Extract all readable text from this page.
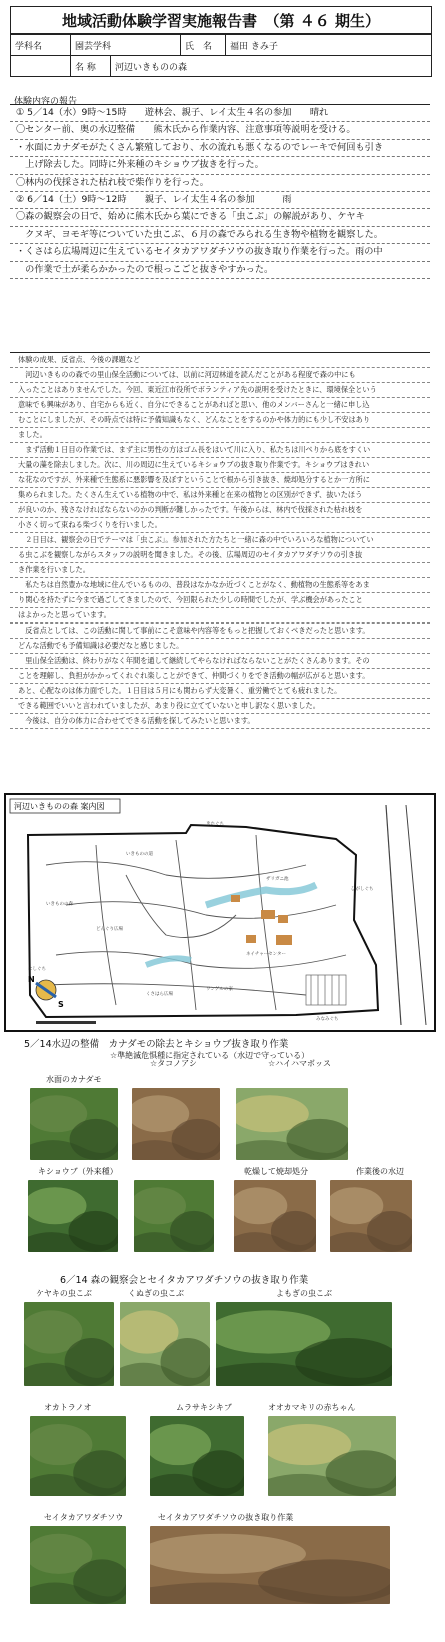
地域活動体験学習実施報告書　（第 ４６ 期生）
学科名	園芸学科	氏　名	福田 きみ子
名 称	河辺いきものの森
体験内容の報告
① 5／14（水）9時～15時　　遊林会、親子、レイ太生４名の参加　　晴れ
〇センター前、奥の水辺整備　　熊木氏から作業内容、注意事項等説明を受ける。
・水面にカナダモがたくさん繁殖しており、水の流れも悪くなるのでレーキで何回も引き
　上げ除去した。同時に外来種のキショウブ抜きを行った。
〇林内の伐採された枯れ枝で柴作りを行った。
② 6／14（土）9時～12時　　親子、レイ太生４名の参加　　　雨
〇森の観察会の日で、始めに熊木氏から葉にできる「虫こぶ」の解説があり、ケヤキ
　クヌギ、ヨモギ等についていた虫こぶ、６月の森でみられる生き物や植物を観察した。
・くさはら広場周辺に生えているセイタカアワダチソウの抜き取り作業を行った。雨の中
　の作業で土が柔らかかったので根っこごと抜きやすかった。
体験の成果、反省点、今後の課題など
　河辺いきものの森での里山保全活動については、以前に河辺林道を読んだことがある程度で森の中にも
入ったことはありませんでした。今回、東近江市役所でボランティア先の説明を受けたときに、環境保全という
意味でも興味があり、自宅からも近く、自分にできることがあればと思い、他のメンバーさんと一緒に申し込
むことにしましたが、その時点では特に予備知識もなく、どんなことをするのかや体力的にも少し不安はあり
ました。
　まず活動１日目の作業では、まず主に男性の方はゴム長をはいて川に入り、私たちは川べりから底をすくい
大量の藻を除去しました。次に、川の周辺に生えているキショウブの抜き取り作業です。キショウブはきれい
な花なのですが、外来種で生態系に悪影響を及ぼすということで根から引き抜き、焼却処分するとか一方所に
集められました。たくさん生えている植物の中で、私は外来種と在来の植物との区別ができず、抜いたほう
が良いのか、残さなければならないのかの判断が難しかったです。午後からは、林内で伐採された枯れ枝を
小さく切って束ねる柴づくりを行いました。
　２日目は、観察会の日でテーマは「虫こぶ」。参加された方たちと一緒に森の中でいろいろな植物についてい
る虫こぶを観察しながらスタッフの説明を聞きました。その後、広場周辺のセイタカアワダチソウの引き抜
き作業を行いました。
　私たちは自然豊かな地域に住んでいるものの、普段はなかなか近づくことがなく、動植物の生態系等をあま
り関心を持たずに今まで過ごしてきましたので、今回限られた少しの時間でしたが、学ぶ機会があったこと
はよかったと思っています。
　反省点としては、この活動に関して事前にこそ意味や内容等をもっと把握しておくべきだったと思います。
どんな活動でも予備知識は必要だなと感じました。
　里山保全活動は、終わりがなく年間を通して継続してやらなければならないことがたくさんあります。その
ことを理解し、負担がかかってくれぐれ楽しことができて、仲間づくりをでき活動の幅が広がると思います。
あと、心配なのは体力面でした。１日目は５月にも関わらず大変暑く、重労働でとても疲れました。
できる範囲でいいと言われていましたが、あまり役に立てていないと申し訳なく思いました。
　今後は、自分の体力に合わせてできる活動を探してみたいと思います。
河辺いきものの森 案内図
N
S
いきものの森
いきものの道
にしぐち
ひがしぐち
みなみぐち
きたぐち
ネイチャーセンター
くさはら広場
どんぐり広場
ザリガニ池
ワンゲルの家
5／14水辺の整備　カナダモの除去とキショウブ抜き取り作業
☆準絶滅危惧種に指定されている（水辺で守っている）
6／14 森の観察会とセイタカアワダチソウの抜き取り作業
水面のカナダモ
☆タコノアシ	☆ハイハマボッス
キショウブ（外来種）	乾燥して焼却処分	作業後の水辺
ケヤキの虫こぶ	くぬぎの虫こぶ	よもぎの虫こぶ
オカトラノオ	ムラサキシキブ	オオカマキリの赤ちゃん
セイタカアワダチソウ	セイタカアワダチソウの抜き取り作業
